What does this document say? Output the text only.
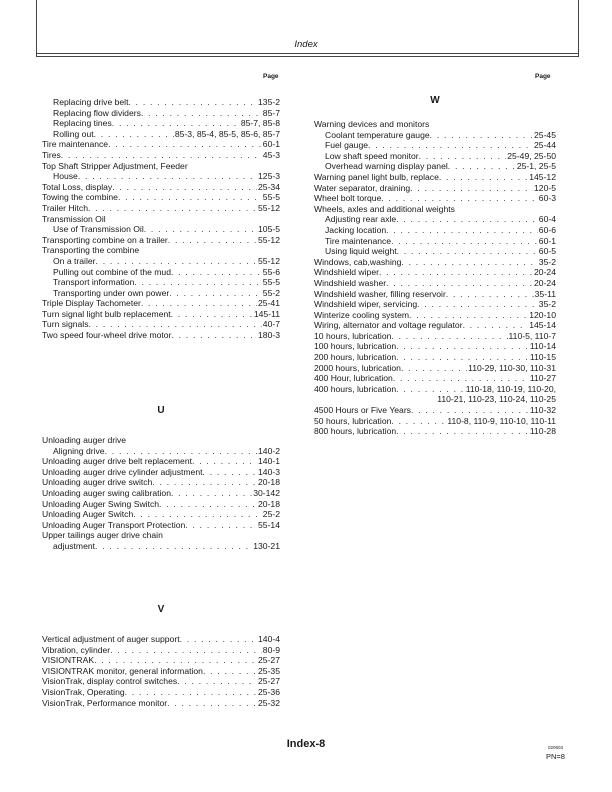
Index
Page	Page
Replacing drive belt . . .	135-2
Replacing flow dividers . . .	85-7
Replacing tines . . .	85-7, 85-8
Rolling out . . .	85-3, 85-4, 85-5, 85-6, 85-7
Tire maintenance . . .	60-1
Tires . . .	45-3
Top Shaft Stripper Adjustment, Feeder
House . . .	125-3
Total Loss, display . . .	25-34
Towing the combine . . .	55-5
Trailer Hitch . . .	55-12
Transmission Oil
Use of Transmission Oil . . .	105-5
Transporting combine on a trailer . . .	55-12
Transporting the combine
On a trailer . . .	55-12
Pulling out combine of the mud . . .	55-6
Transport information . . .	55-5
Transporting under own power . . .	55-2
Triple Display Tachometer . . .	25-41
Turn signal light bulb replacement . . .	145-11
Turn signals . . .	40-7
Two speed four-wheel drive motor . . .	180-3
U
Unloading auger drive
Aligning drive . . .	140-2
Unloading auger drive belt replacement . . .	140-1
Unloading auger drive cylinder adjustment . . .	140-3
Unloading auger drive switch . . .	20-18
Unloading auger swing calibration . . .	30-142
Unloading Auger Swing Switch . . .	20-18
Unloading Auger Switch . . .	25-2
Unloading Auger Transport Protection . . .	55-14
Upper tailings auger drive chain
adjustment . . .	130-21
V
Vertical adjustment of auger support . . .	140-4
Vibration, cylinder . . .	80-9
VISIONTRAK . . .	25-27
VISIONTRAK monitor, general information . . .	25-35
VisionTrak, display control switches . . .	25-27
VisionTrak, Operating . . .	25-36
VisionTrak, Performance monitor . . .	25-32
W
Warning devices and monitors
Coolant temperature gauge . . .	25-45
Fuel gauge . . .	25-44
Low shaft speed monitor . . .	25-49, 25-50
Overhead warning display panel . . .	25-1, 25-5
Warning panel light bulb, replace . . .	145-12
Water separator, draining . . .	120-5
Wheel bolt torque . . .	60-3
Wheels, axles and additional weights
Adjusting rear axle . . .	60-4
Jacking location . . .	60-6
Tire maintenance . . .	60-1
Using liquid weight . . .	60-5
Windows, cab,washing . . .	35-2
Windshield wiper . . .	20-24
Windshield washer . . .	20-24
Windshield washer, filling reservoir . . .	35-11
Windshield wiper, servicing . . .	35-2
Winterize cooling system . . .	120-10
Wiring, alternator and voltage regulator . . .	145-14
10 hours, lubrication . . .	110-5, 110-7
100 hours, lubrication . . .	110-14
200 hours, lubrication . . .	110-15
2000 hours, lubrication . . .	110-29, 110-30, 110-31
400 Hour, lubrication . . .	110-27
400 hours, lubrication . . .	110-18, 110-19, 110-20,
110-21, 110-23, 110-24, 110-25
4500 Hours or Five Years . . .	110-32
50 hours, lubrication . . .	110-8, 110-9, 110-10, 110-11
800 hours, lubrication . . .	110-28
Index-8	020603
PN=8
